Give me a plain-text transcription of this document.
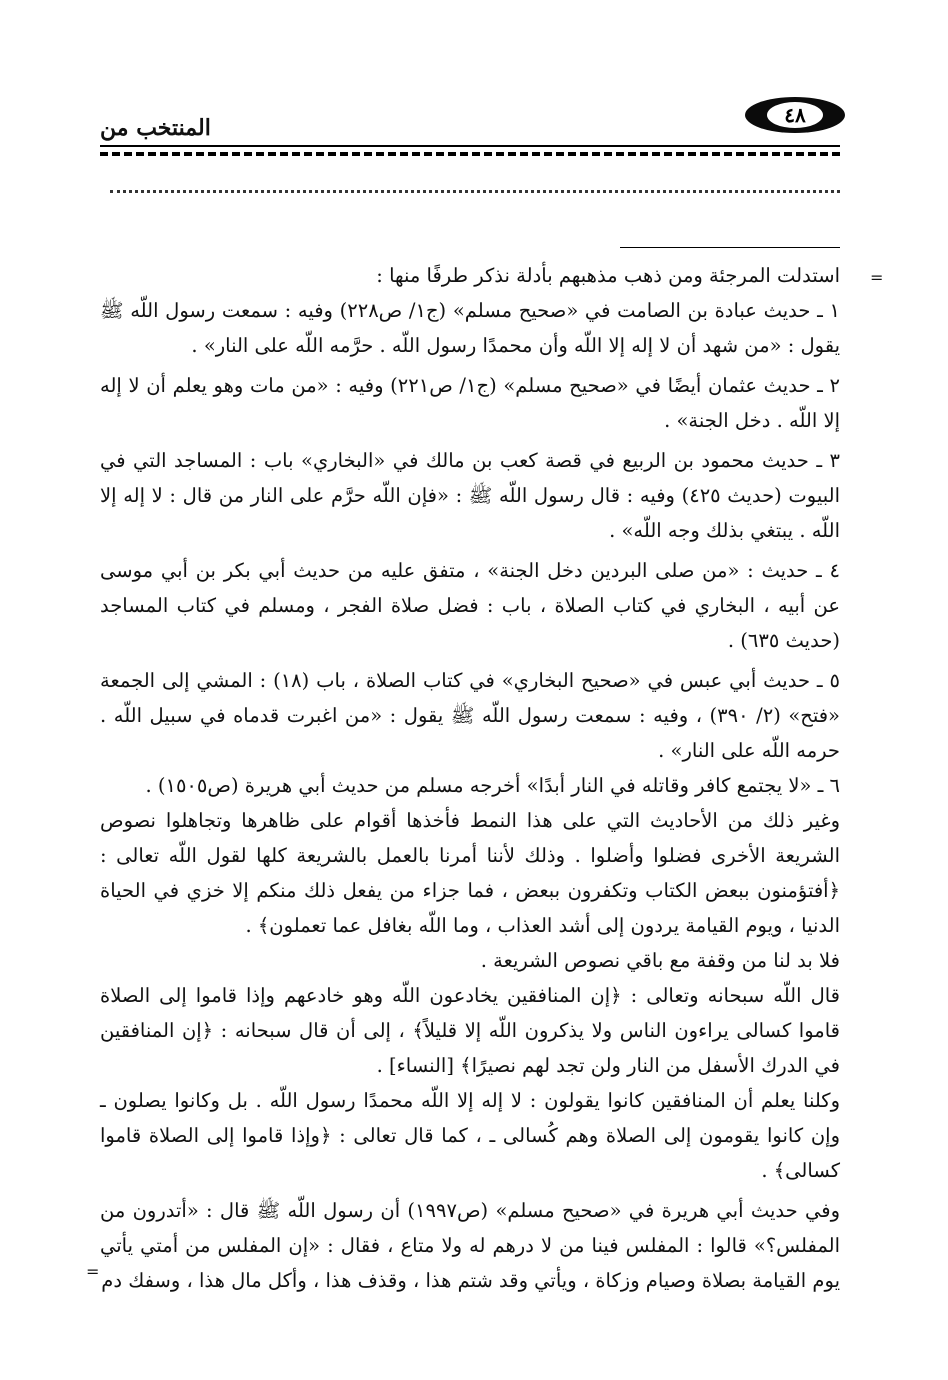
المنتخب من	٤٨
=
=

استدلت المرجئة ومن ذهب مذهبهم بأدلة نذكر طرفًا منها :

١ ـ حديث عبادة بن الصامت في «صحيح مسلم» (ج١/ ص٢٢٨) وفيه : سمعت رسول اللّه ﷺ يقول : «من شهد أن لا إله إلا اللّه وأن محمدًا رسول اللّه . حرَّمه اللّه على النار» .

٢ ـ حديث عثمان أيضًا في «صحيح مسلم» (ج١/ ص٢٢١) وفيه : «من مات وهو يعلم أن لا إله إلا اللّه . دخل الجنة» .

٣ ـ حديث محمود بن الربيع في قصة كعب بن مالك في «البخاري» باب : المساجد التي في البيوت (حديث ٤٢٥) وفيه : قال رسول اللّه ﷺ : «فإن اللّه حرَّم على النار من قال : لا إله إلا اللّه . يبتغي بذلك وجه اللّه» .

٤ ـ حديث : «من صلى البردين دخل الجنة» ، متفق عليه من حديث أبي بكر بن أبي موسى عن أبيه ، البخاري في كتاب الصلاة ، باب : فضل صلاة الفجر ، ومسلم في كتاب المساجد (حديث ٦٣٥) .

٥ ـ حديث أبي عبس في «صحيح البخاري» في كتاب الصلاة ، باب (١٨) : المشي إلى الجمعة «فتح» (٢/ ٣٩٠) ، وفيه : سمعت رسول اللّه ﷺ يقول : «من اغبرت قدماه في سبيل اللّه . حرمه اللّه على النار» .

٦ ـ «لا يجتمع كافر وقاتله في النار أبدًا» أخرجه مسلم من حديث أبي هريرة (ص١٥٠٥) .

وغير ذلك من الأحاديث التي على هذا النمط فأخذها أقوام على ظاهرها وتجاهلوا نصوص الشريعة الأخرى فضلوا وأضلوا . وذلك لأننا أمرنا بالعمل بالشريعة كلها لقول اللّه تعالى : ﴿أفتؤمنون ببعض الكتاب وتكفرون ببعض ، فما جزاء من يفعل ذلك منكم إلا خزي في الحياة الدنيا ، ويوم القيامة يردون إلى أشد العذاب ، وما اللّه بغافل عما تعملون﴾ .

فلا بد لنا من وقفة مع باقي نصوص الشريعة .

قال اللّه سبحانه وتعالى : ﴿إن المنافقين يخادعون اللّه وهو خادعهم وإذا قاموا إلى الصلاة قاموا كسالى يراءون الناس ولا يذكرون اللّه إلا قليلاً﴾ ، إلى أن قال سبحانه : ﴿إن المنافقين في الدرك الأسفل من النار ولن تجد لهم نصيرًا﴾ [النساء] .

وكلنا يعلم أن المنافقين كانوا يقولون : لا إله إلا اللّه محمدًا رسول اللّه . بل وكانوا يصلون ـ وإن كانوا يقومون إلى الصلاة وهم كُسالى ـ ، كما قال تعالى : ﴿وإذا قاموا إلى الصلاة قاموا كسالى﴾ .

وفي حديث أبي هريرة في «صحيح مسلم» (ص١٩٩٧) أن رسول اللّه ﷺ قال : «أتدرون من المفلس؟» قالوا : المفلس فينا من لا درهم له ولا متاع ، فقال : «إن المفلس من أمتي يأتي يوم القيامة بصلاة وصيام وزكاة ، ويأتي وقد شتم هذا ، وقذف هذا ، وأكل مال هذا ، وسفك دم
